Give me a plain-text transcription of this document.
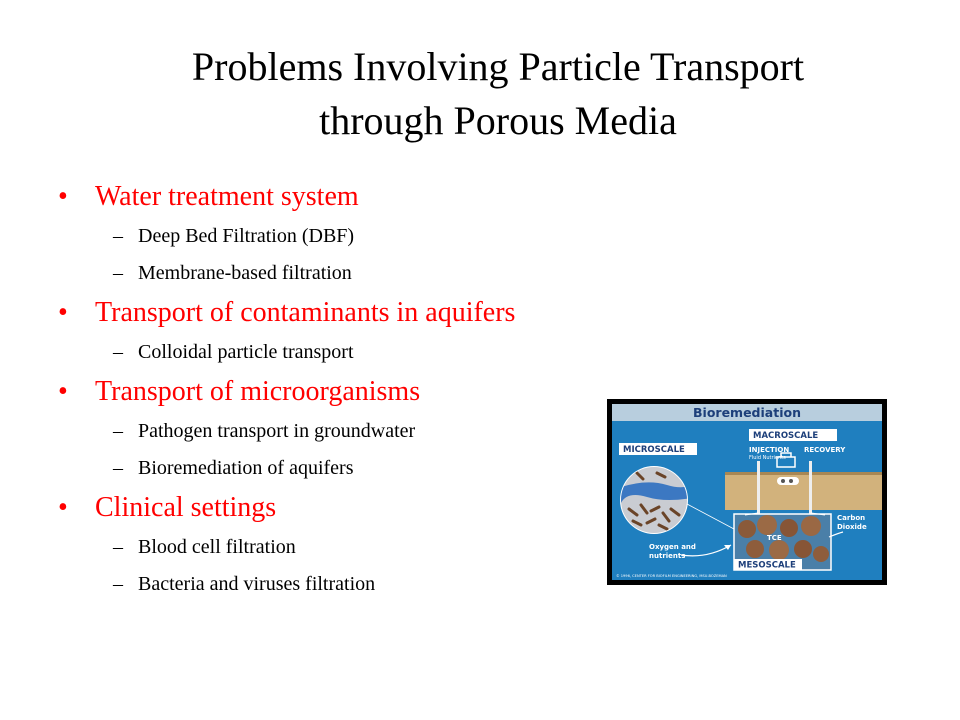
Problems Involving Particle Transport
through Porous Media
• Water treatment system
– Deep Bed Filtration (DBF)
– Membrane-based filtration
• Transport of contaminants in aquifers
– Colloidal particle transport
• Transport of microorganisms
– Pathogen transport in groundwater
– Bioremediation of aquifers
• Clinical settings
– Blood cell filtration
– Bacteria and viruses filtration
Bioremediation
MICROSCALE
MACROSCALE
INJECTION
Fluid Nutrients
RECOVERY
TCE
MESOSCALE
Oxygen and
nutrients
Carbon
Dioxide
© 1996, CENTER FOR BIOFILM ENGINEERING, MSU-BOZEMAN
